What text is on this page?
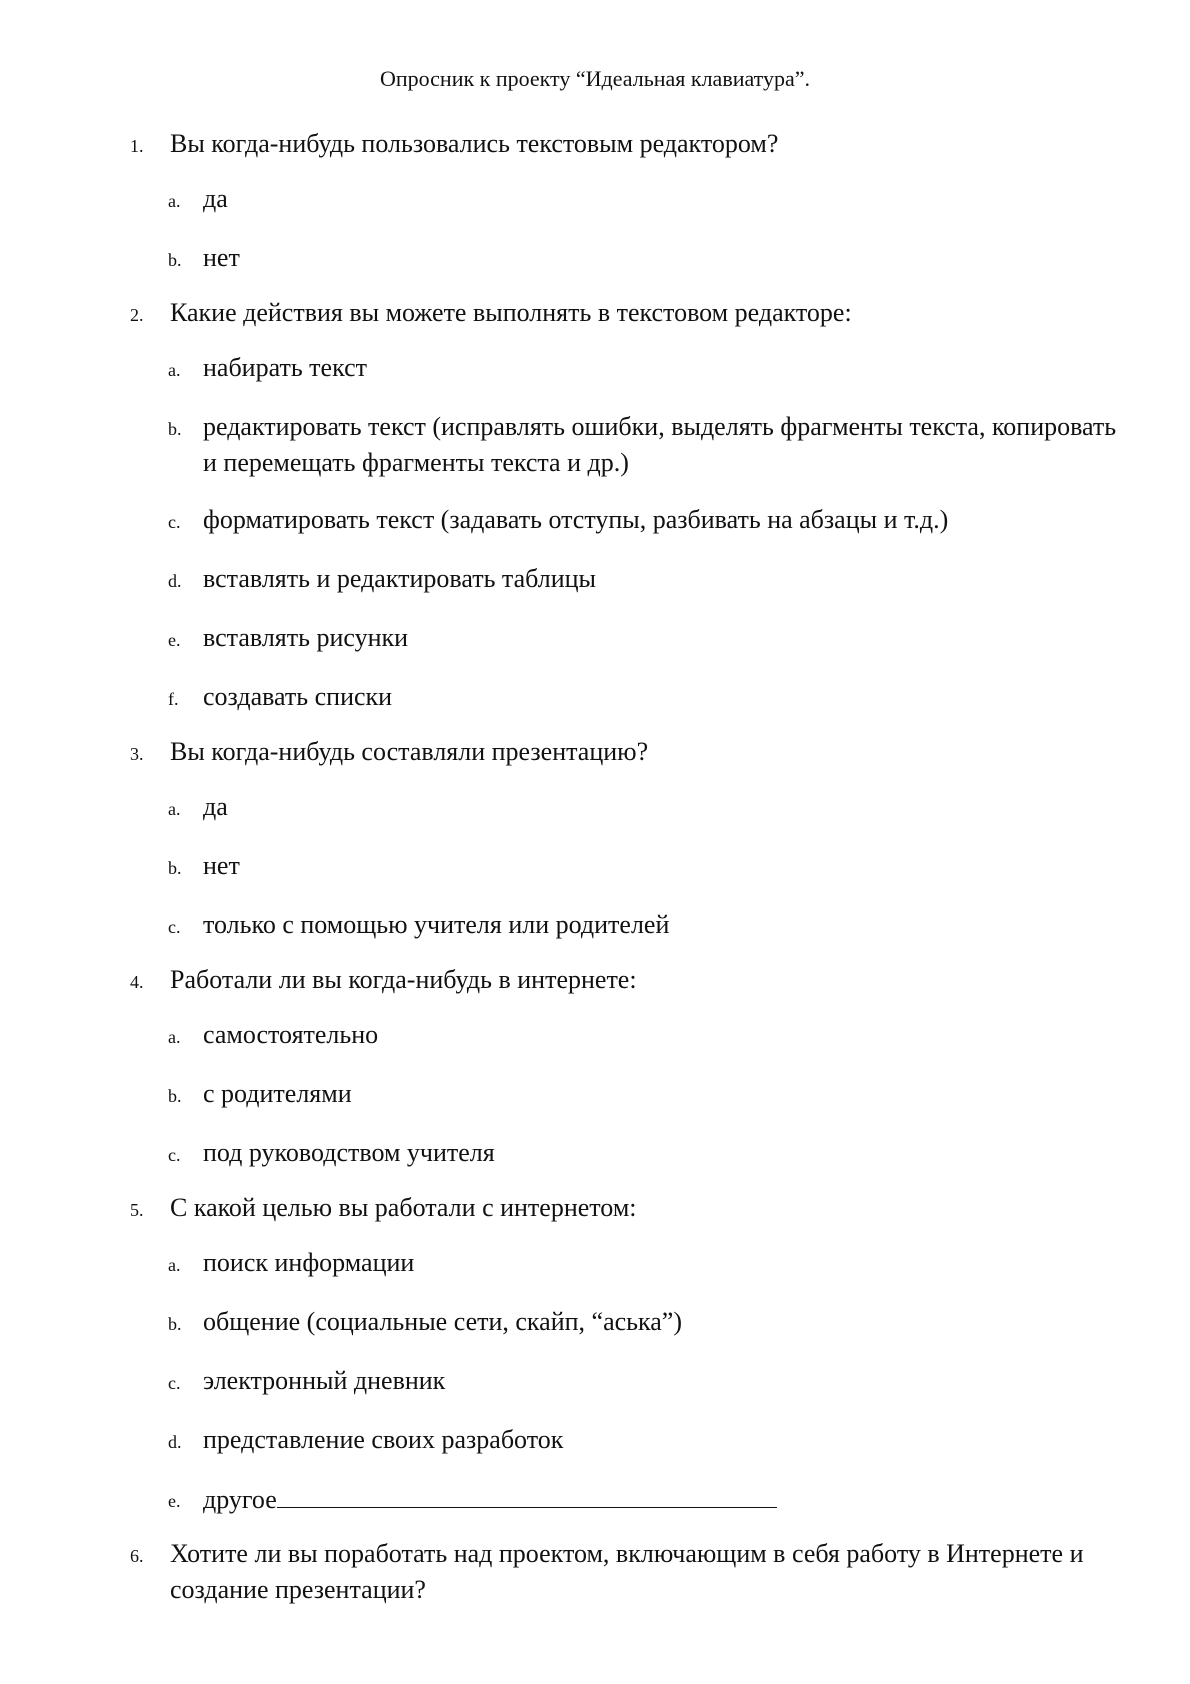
Опросник к проекту “Идеальная клавиатура”.
1.	Вы когда-нибудь пользовались текстовым редактором?
a. да
b. нет
2.	Какие действия вы можете выполнять в текстовом редакторе:
a. набирать текст
b. редактировать текст (исправлять ошибки, выделять фрагменты текста, копировать и перемещать фрагменты текста и др.)
c. форматировать текст (задавать отступы, разбивать на абзацы и т.д.)
d. вставлять и редактировать таблицы
e. вставлять рисунки
f. создавать списки
3.	Вы когда-нибудь составляли презентацию?
a. да
b. нет
c. только с помощью учителя или родителей
4.	Работали ли вы когда-нибудь в интернете:
a. самостоятельно
b. с родителями
c. под руководством учителя
5.	С какой целью вы работали с интернетом:
a. поиск информации
b. общение (социальные сети, скайп, “аська”)
c. электронный дневник
d. представление своих разработок
e. другое
6.	Хотите ли вы поработать над проектом, включающим в себя работу в Интернете и создание презентации?
